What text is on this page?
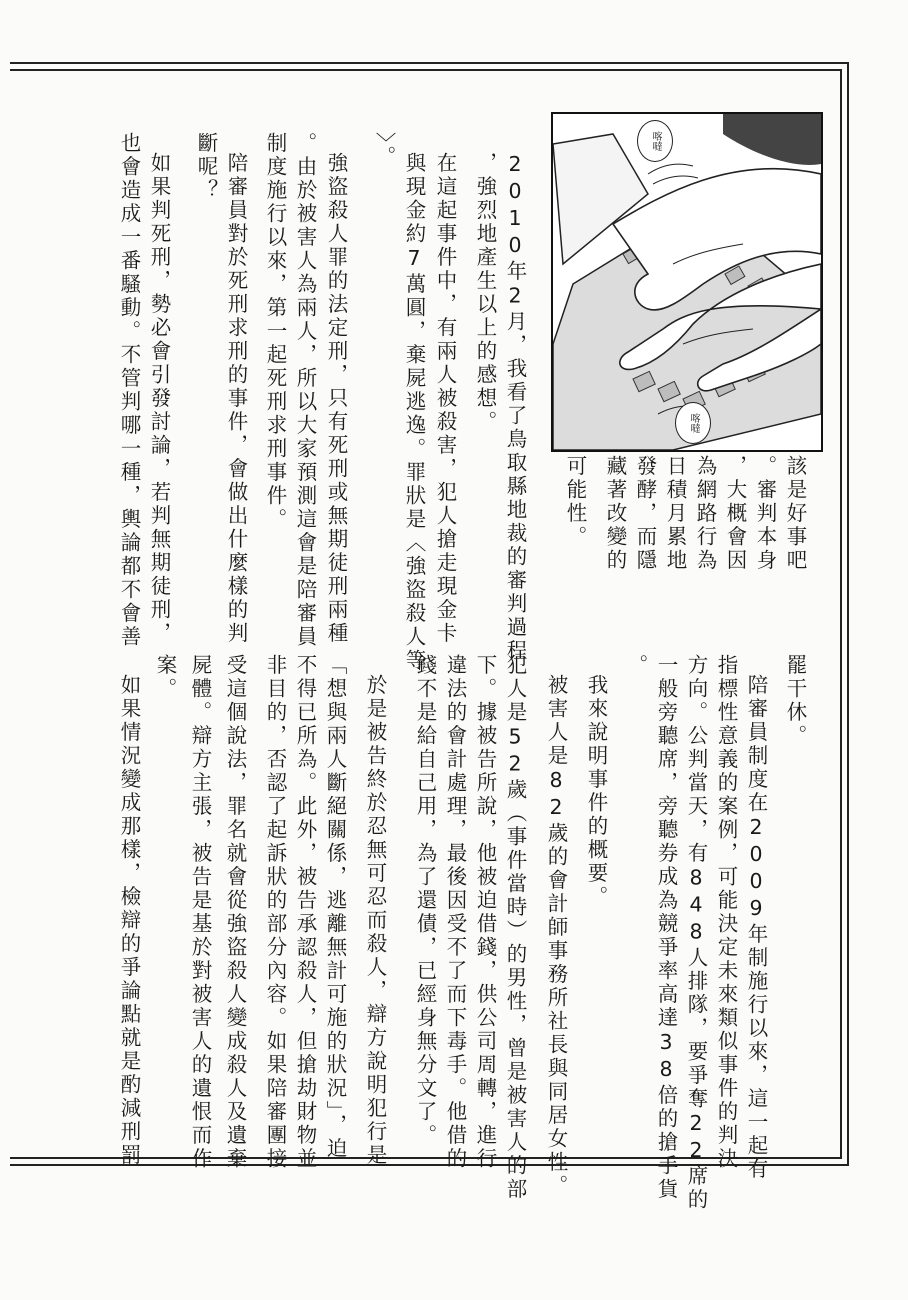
喀噠
喀噠
2010年2月，我看了鳥取縣地裁的審判過程
，強烈地產生以上的感想。
在這起事件中，有兩人被殺害，犯人搶走現金卡
與現金約7萬圓，棄屍逃逸。罪狀是〈強盜殺人等
〉。
強盜殺人罪的法定刑，只有死刑或無期徒刑兩種
。由於被害人為兩人，所以大家預測這會是陪審員
制度施行以來，第一起死刑求刑事件。
陪審員對於死刑求刑的事件，會做出什麼樣的判
斷呢？
如果判死刑，勢必會引發討論，若判無期徒刑，
也會造成一番騷動。不管判哪一種，輿論都不會善	該是好事吧
。審判本身
，大概會因
為網路行為
日積月累地
發酵，而隱
藏著改變的
可能性。
罷干休。
陪審員制度在2009年制施行以來，這一起有
指標性意義的案例，可能決定未來類似事件的判決
方向。公判當天，有848人排隊，要爭奪22席的
一般旁聽席，旁聽券成為競爭率高達38倍的搶手貨
。
我來說明事件的概要。
被害人是82歲的會計師事務所社長與同居女性。
犯人是52歲（事件當時）的男性，曾是被害人的部
下。據被告所說，他被迫借錢，供公司周轉，進行
違法的會計處理，最後因受不了而下毒手。他借的
錢不是給自己用，為了還債，已經身無分文了。
於是被告終於忍無可忍而殺人，辯方說明犯行是
「想與兩人斷絕關係，逃離無計可施的狀況」，迫
不得已所為。此外，被告承認殺人，但搶劫財物並
非目的，否認了起訴狀的部分內容。如果陪審團接
受這個說法，罪名就會從強盜殺人變成殺人及遺棄
屍體。辯方主張，被告是基於對被害人的遺恨而作
案。
如果情況變成那樣，檢辯的爭論點就是酌減刑罰
